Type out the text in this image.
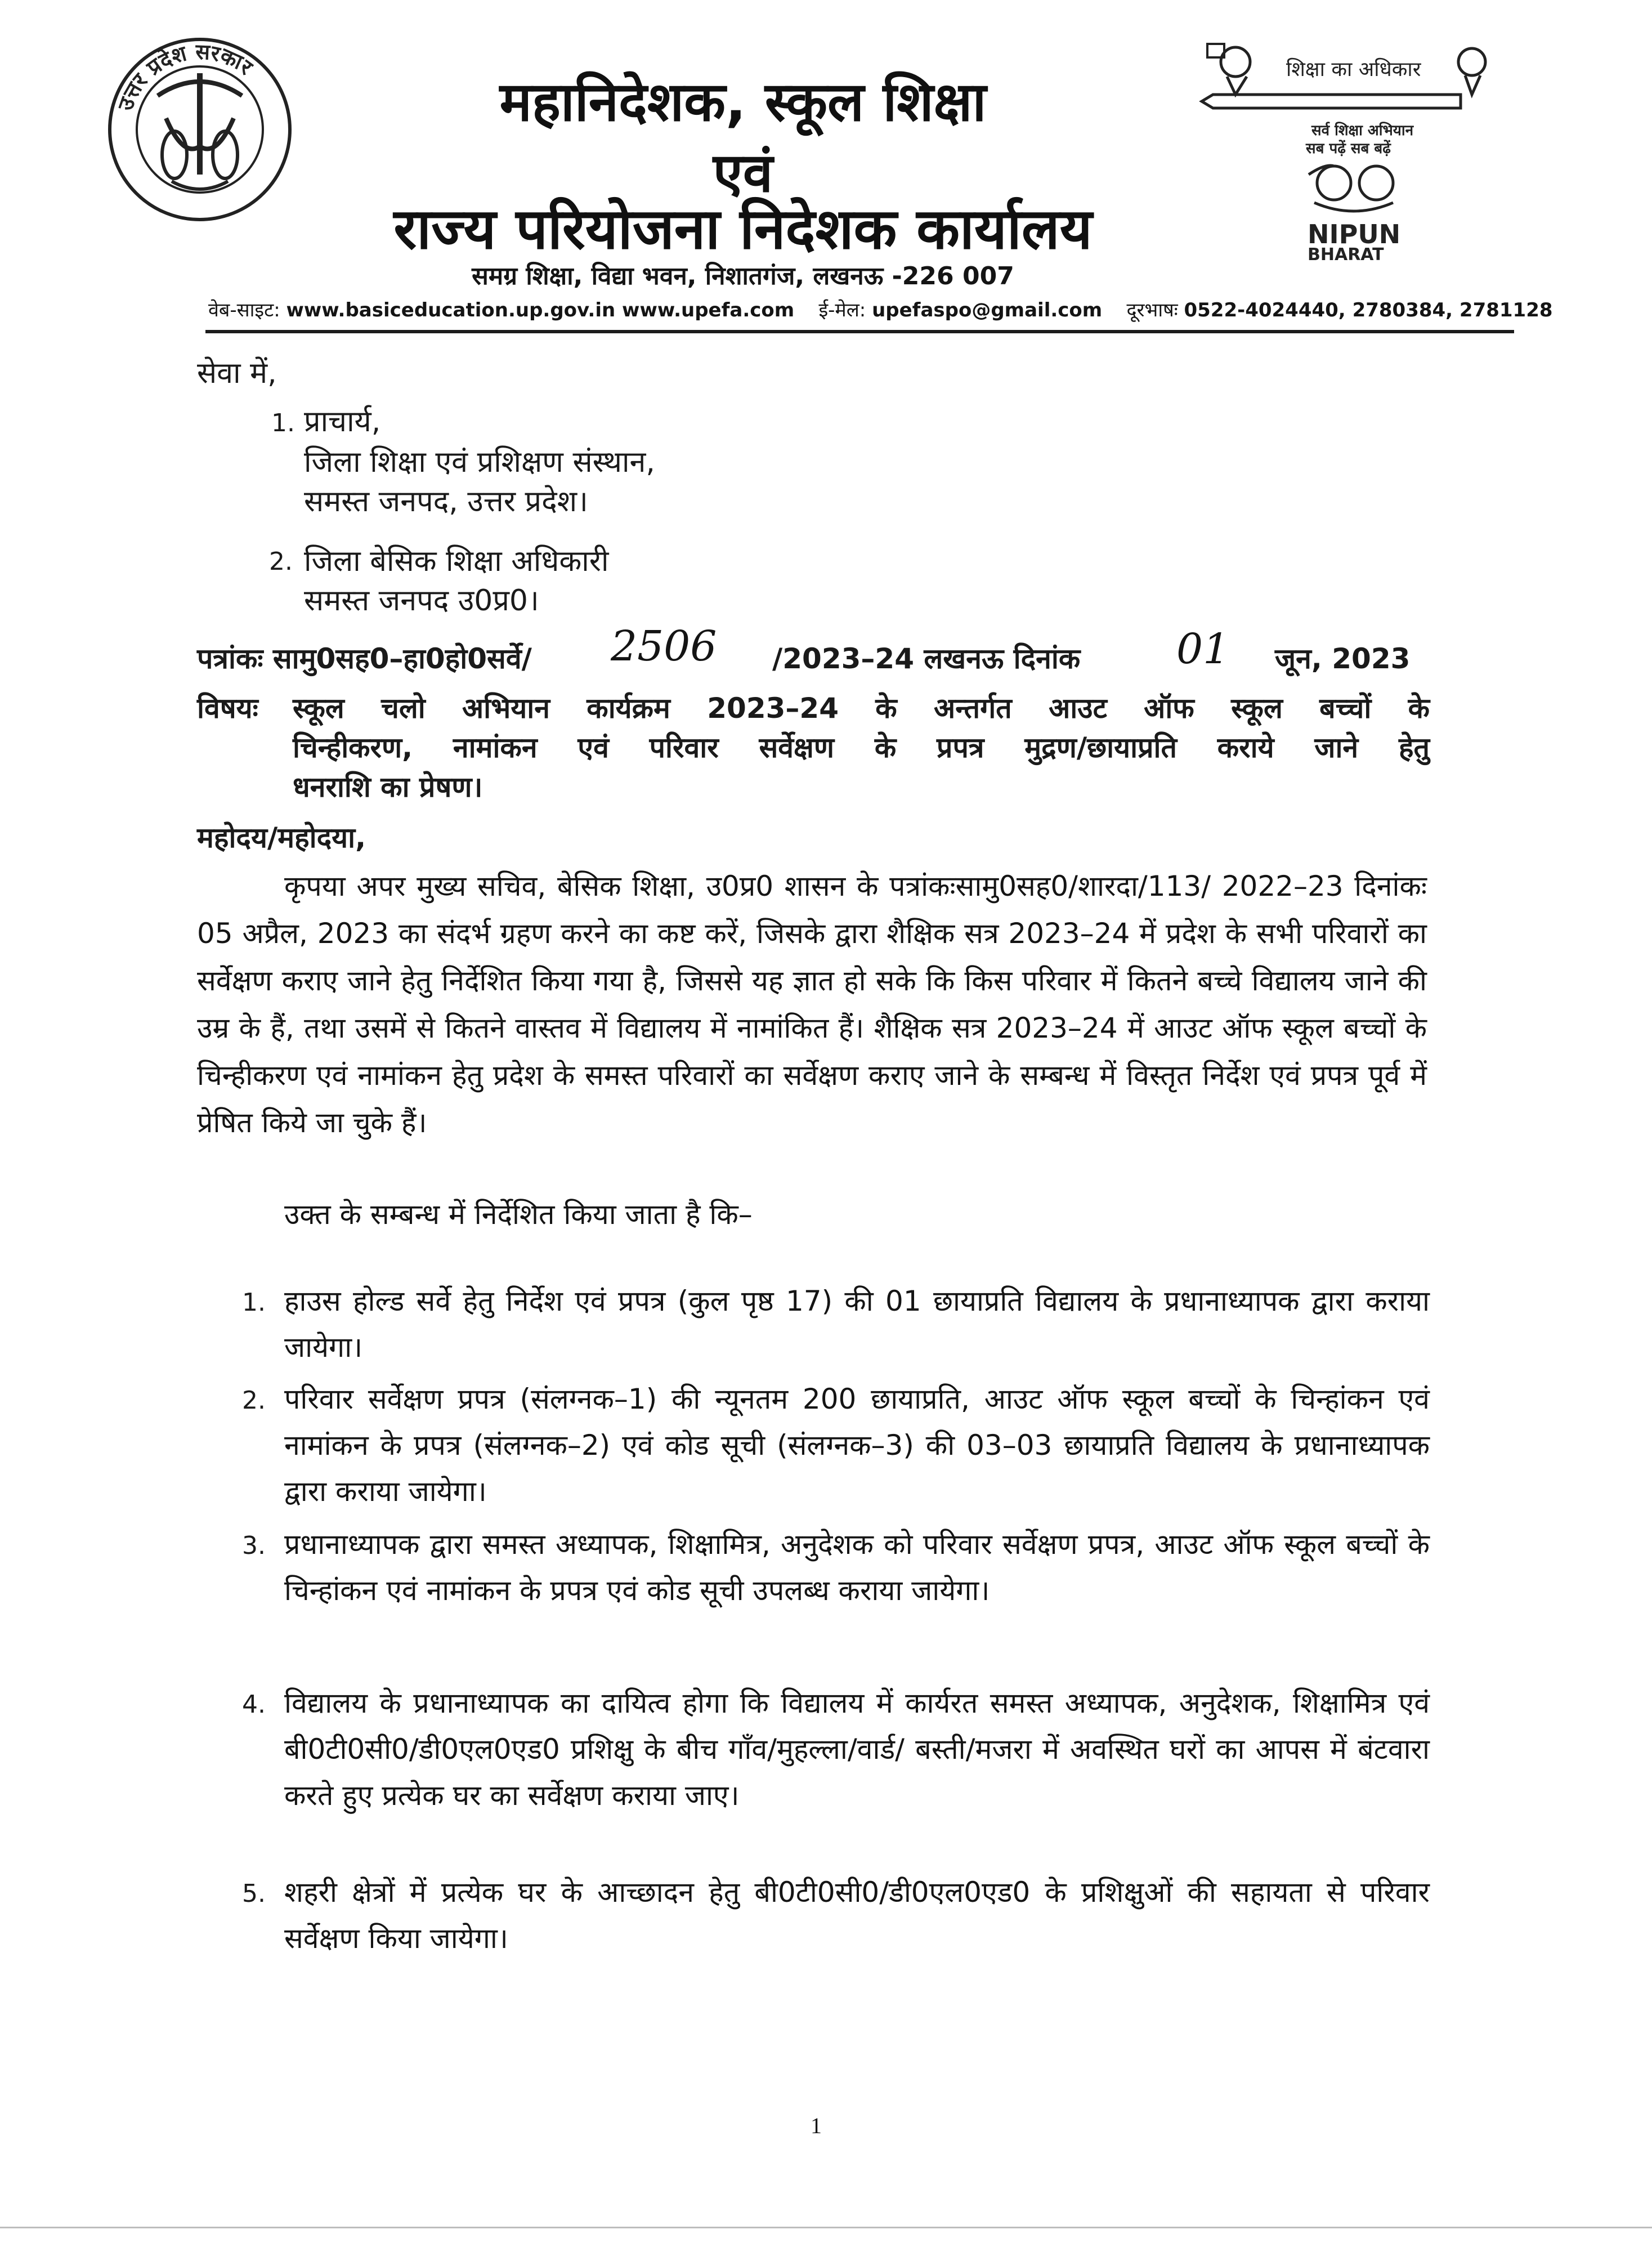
उत्तर प्रदेश सरकार
महानिदेशक, स्कूल शिक्षा
एवं
राज्य परियोजना निदेशक कार्यालय
समग्र शिक्षा, विद्या भवन, निशातगंज, लखनऊ -226 007
शिक्षा का अधिकार
सर्व शिक्षा अभियान
सब पढ़ें सब बढ़ें
NIPUN
BHARAT
वेब-साइट: www.basiceducation.up.gov.in www.upefa.com ई-मेल: upefaspo@gmail.com दूरभाषः 0522-4024440, 2780384, 2781128
सेवा में,
1. प्राचार्य,
जिला शिक्षा एवं प्रशिक्षण संस्थान,
समस्त जनपद, उत्तर प्रदेश।
2. जिला बेसिक शिक्षा अधिकारी
समस्त जनपद उ0प्र0।
पत्रांकः सामु0सह0–हा0हो0सर्वे/ 2506 /2023–24 लखनऊ दिनांक 01 जून, 2023
विषयः स्कूल चलो अभियान कार्यक्रम 2023–24 के अन्तर्गत आउट ऑफ स्कूल बच्चों के
चिन्हीकरण, नामांकन एवं परिवार सर्वेक्षण के प्रपत्र मुद्रण/छायाप्रति कराये जाने हेतु
धनराशि का प्रेषण।
महोदय/महोदया,
कृपया अपर मुख्य सचिव, बेसिक शिक्षा, उ0प्र0 शासन के पत्रांकःसामु0सह0/शारदा/113/ 2022–23 दिनांकः 05 अप्रैल, 2023 का संदर्भ ग्रहण करने का कष्ट करें, जिसके द्वारा शैक्षिक सत्र 2023–24 में प्रदेश के सभी परिवारों का सर्वेक्षण कराए जाने हेतु निर्देशित किया गया है, जिससे यह ज्ञात हो सके कि किस परिवार में कितने बच्चे विद्यालय जाने की उम्र के हैं, तथा उसमें से कितने वास्तव में विद्यालय में नामांकित हैं। शैक्षिक सत्र 2023–24 में आउट ऑफ स्कूल बच्चों के चिन्हीकरण एवं नामांकन हेतु प्रदेश के समस्त परिवारों का सर्वेक्षण कराए जाने के सम्बन्ध में विस्तृत निर्देश एवं प्रपत्र पूर्व में प्रेषित किये जा चुके हैं।
उक्त के सम्बन्ध में निर्देशित किया जाता है कि–
1. हाउस होल्ड सर्वे हेतु निर्देश एवं प्रपत्र (कुल पृष्ठ 17) की 01 छायाप्रति विद्यालय के प्रधानाध्यापक द्वारा कराया जायेगा।
2. परिवार सर्वेक्षण प्रपत्र (संलग्नक–1) की न्यूनतम 200 छायाप्रति, आउट ऑफ स्कूल बच्चों के चिन्हांकन एवं नामांकन के प्रपत्र (संलग्नक–2) एवं कोड सूची (संलग्नक–3) की 03–03 छायाप्रति विद्यालय के प्रधानाध्यापक द्वारा कराया जायेगा।
3. प्रधानाध्यापक द्वारा समस्त अध्यापक, शिक्षामित्र, अनुदेशक को परिवार सर्वेक्षण प्रपत्र, आउट ऑफ स्कूल बच्चों के चिन्हांकन एवं नामांकन के प्रपत्र एवं कोड सूची उपलब्ध कराया जायेगा।
4. विद्यालय के प्रधानाध्यापक का दायित्व होगा कि विद्यालय में कार्यरत समस्त अध्यापक, अनुदेशक, शिक्षामित्र एवं बी0टी0सी0/डी0एल0एड0 प्रशिक्षु के बीच गाँव/मुहल्ला/वार्ड/ बस्ती/मजरा में अवस्थित घरों का आपस में बंटवारा करते हुए प्रत्येक घर का सर्वेक्षण कराया जाए।
5. शहरी क्षेत्रों में प्रत्येक घर के आच्छादन हेतु बी0टी0सी0/डी0एल0एड0 के प्रशिक्षुओं की सहायता से परिवार सर्वेक्षण किया जायेगा।
1
